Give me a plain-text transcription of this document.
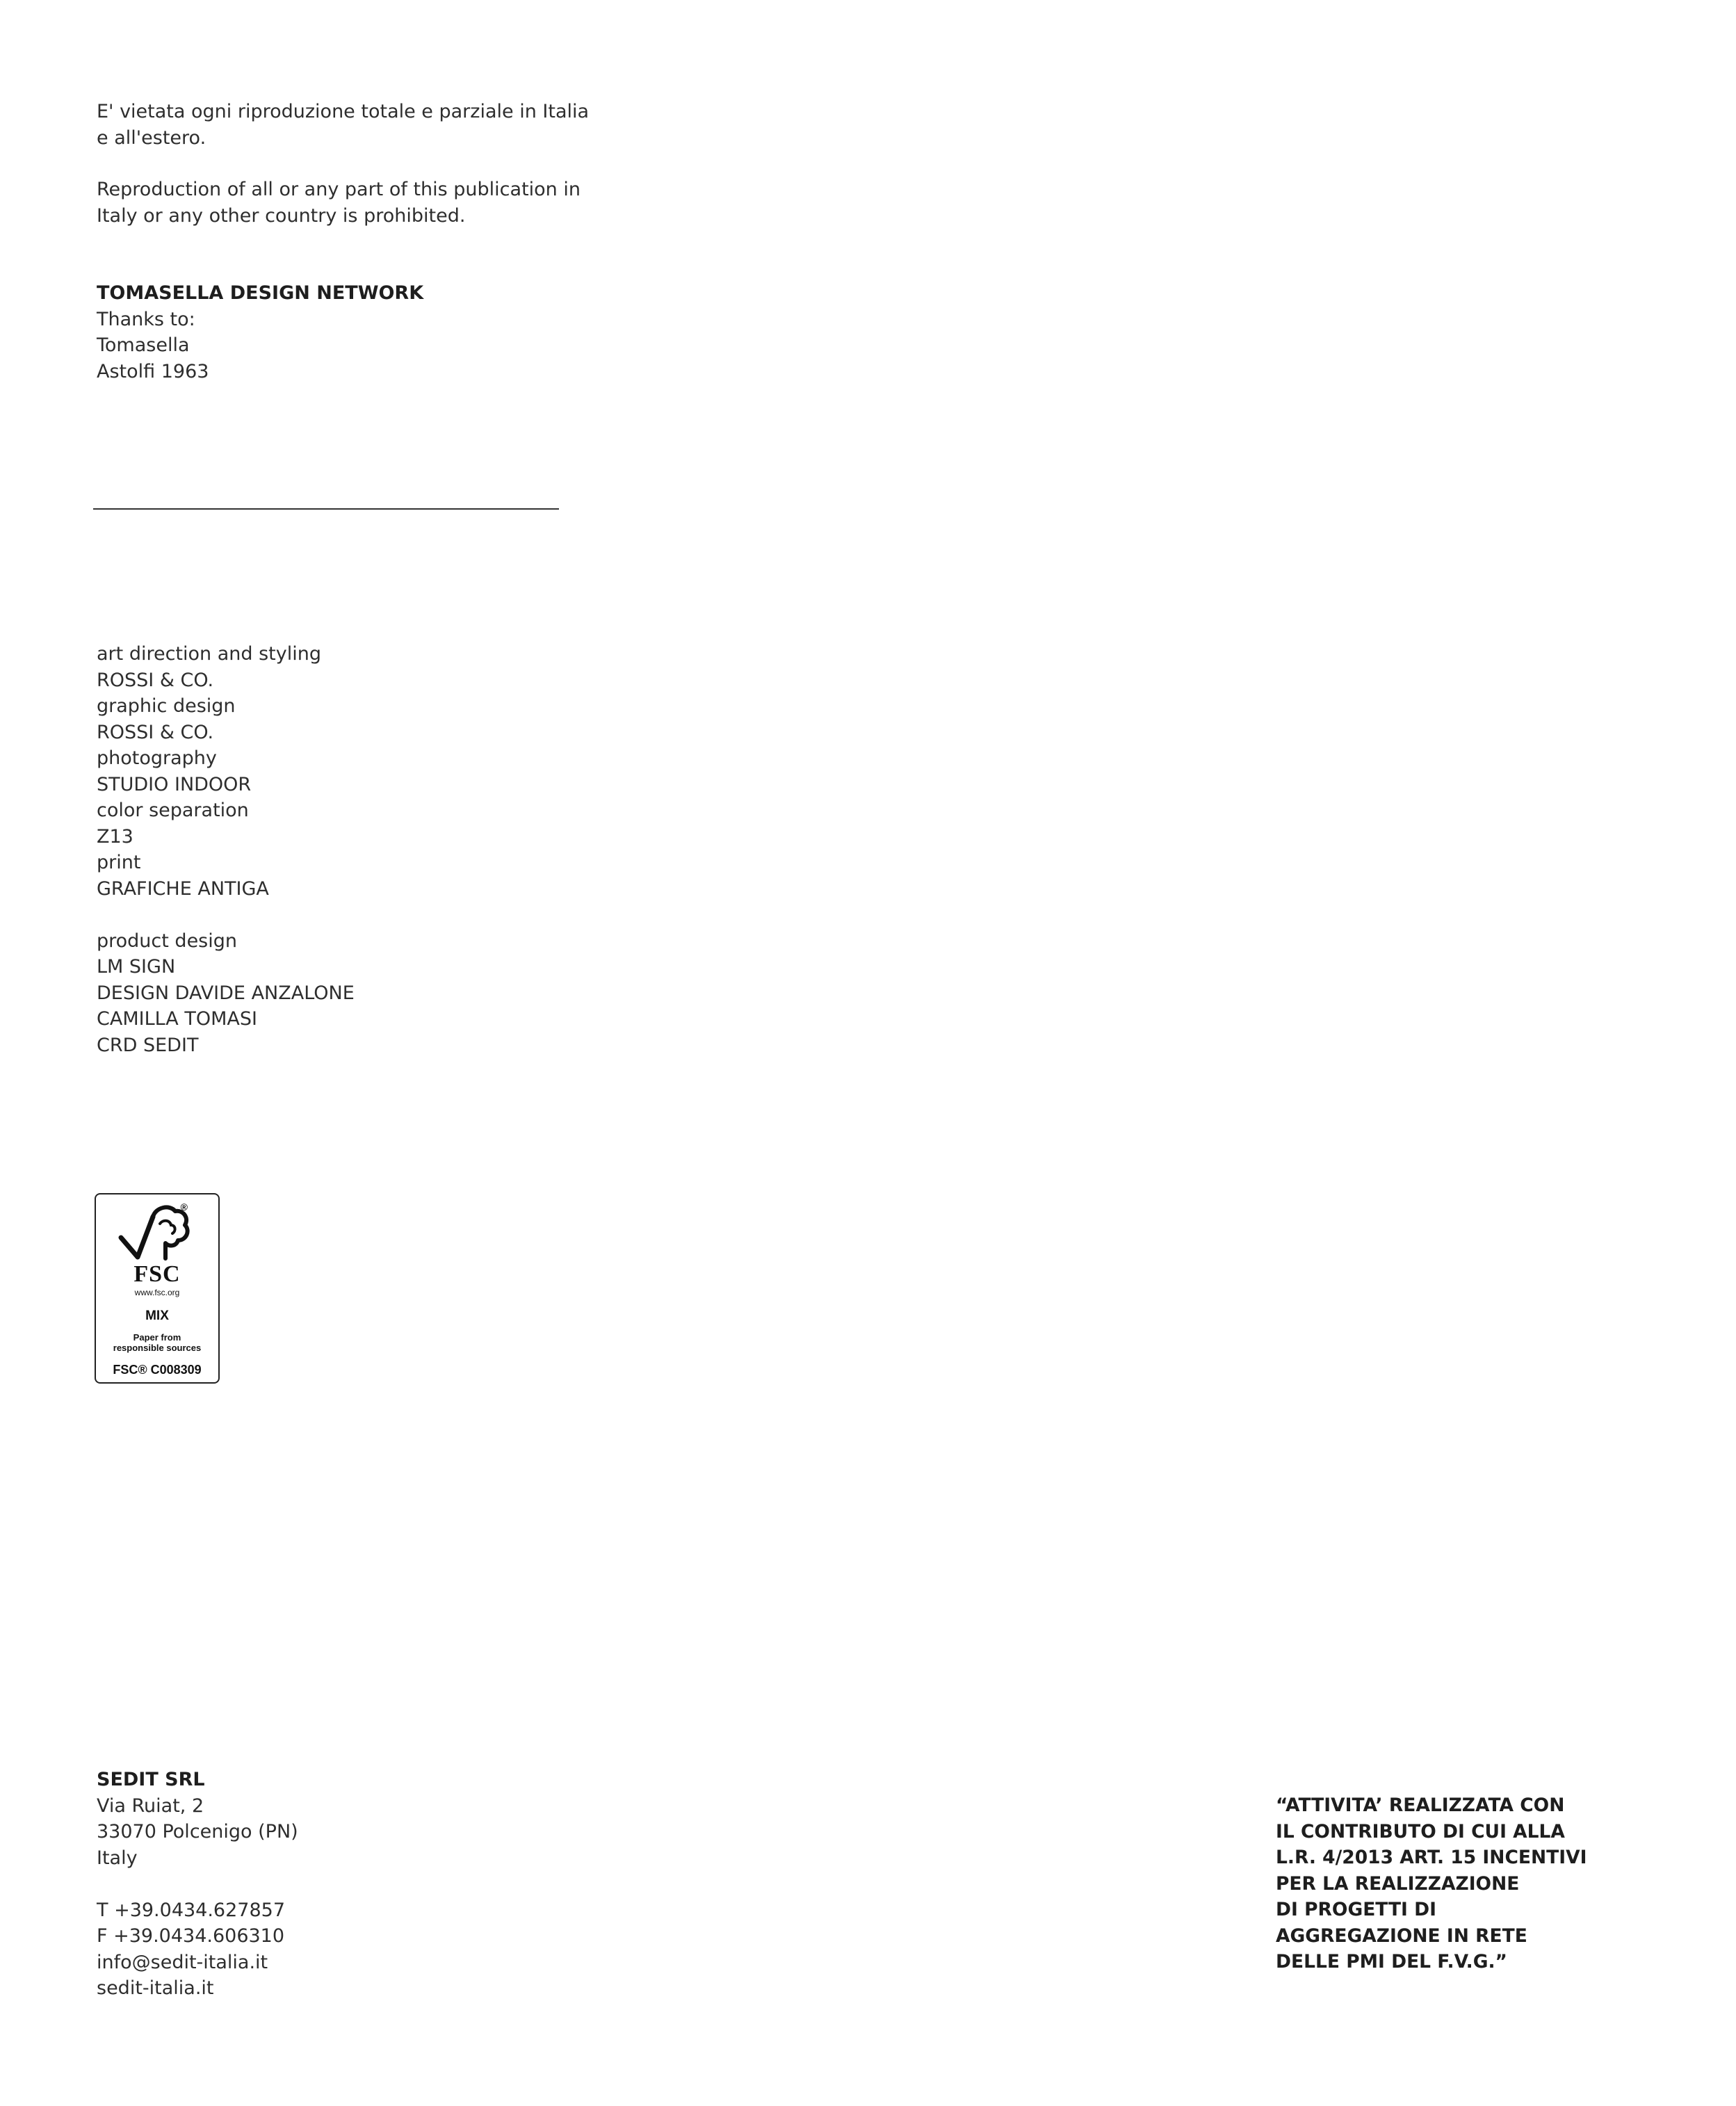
E' vietata ogni riproduzione totale e parziale in Italia
e all'estero.

Reproduction of all or any part of this publication in
Italy or any other country is prohibited.

TOMASELLA DESIGN NETWORK

Thanks to:

Tomasella

Astolfi 1963

art direction and styling

ROSSI & CO.

graphic design

ROSSI & CO.

photography

STUDIO INDOOR

color separation

Z13

print

GRAFICHE ANTIGA

product design

LM SIGN

DESIGN DAVIDE ANZALONE

CAMILLA TOMASI

CRD SEDIT

®
FSC
www.fsc.org
MIX
Paper from
responsible sources
FSC® C008309

SEDIT SRL

Via Ruiat, 2

33070 Polcenigo (PN)

Italy

T +39.0434.627857

F +39.0434.606310

info@sedit-italia.it

sedit-italia.it

“ATTIVITA’ REALIZZATA CON
IL CONTRIBUTO DI CUI ALLA
L.R. 4/2013 ART. 15 INCENTIVI
PER LA REALIZZAZIONE
DI PROGETTI DI
AGGREGAZIONE IN RETE
DELLE PMI DEL F.V.G.”
